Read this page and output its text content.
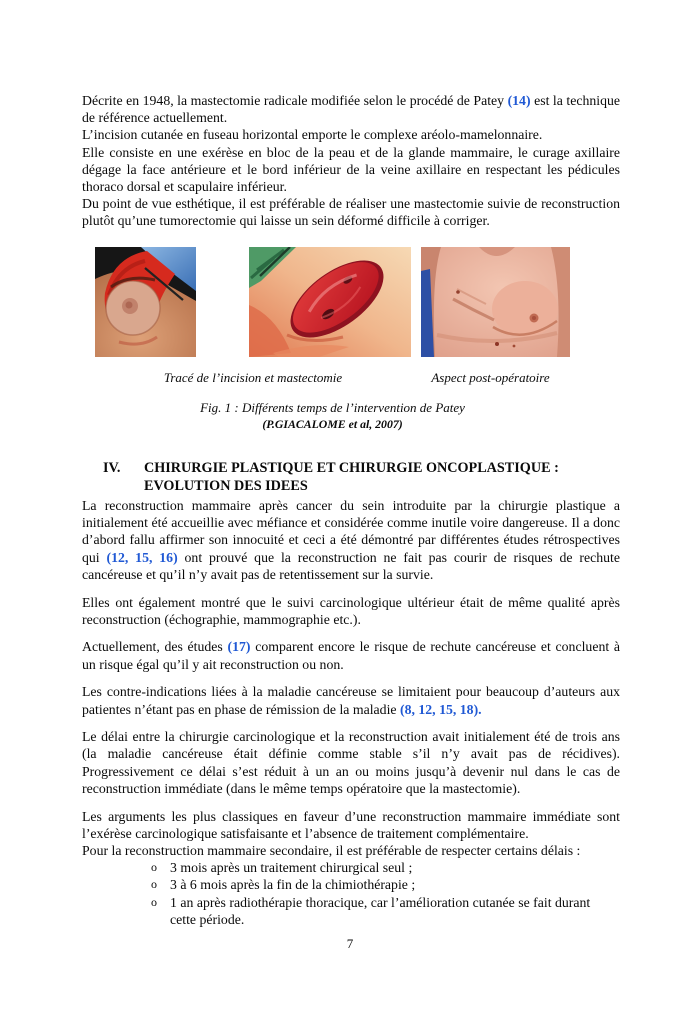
Décrite en 1948, la mastectomie radicale modifiée selon le procédé de Patey (14) est la technique de référence actuellement.

L’incision cutanée en fuseau horizontal emporte le complexe aréolo-mamelonnaire.

Elle consiste en une exérèse en bloc de la peau et de la glande mammaire, le curage axillaire dégage la face antérieure et le bord inférieur de la veine axillaire en respectant les pédicules thoraco dorsal et scapulaire inférieur.

Du point de vue esthétique, il est préférable de réaliser une mastectomie suivie de reconstruction plutôt qu’une tumorectomie qui laisse un sein déformé difficile à corriger.

Tracé de l’incision et mastectomie	Aspect post-opératoire
Fig. 1 : Différents temps de l’intervention de Patey
(P.GIACALOME et al, 2007)
IV.	CHIRURGIE PLASTIQUE ET CHIRURGIE ONCOPLASTIQUE :
EVOLUTION DES IDEES

La reconstruction mammaire après cancer du sein introduite par la chirurgie plastique a initialement été accueillie avec méfiance et considérée comme inutile voire dangereuse. Il a donc d’abord fallu affirmer son innocuité et ceci a été démontré par différentes études rétrospectives qui (12, 15, 16) ont prouvé que la reconstruction ne fait pas courir de risques de rechute cancéreuse et qu’il n’y avait pas de retentissement sur la survie.

Elles ont également montré que le suivi carcinologique ultérieur était de même qualité après reconstruction (échographie, mammographie etc.).

Actuellement, des études (17) comparent encore le risque de rechute cancéreuse et concluent à un risque égal qu’il y ait reconstruction ou non.

Les contre-indications liées à la maladie cancéreuse se limitaient pour beaucoup d’auteurs aux patientes n’étant pas en phase de rémission de la maladie (8, 12, 15, 18).

Le délai entre la chirurgie carcinologique et la reconstruction avait initialement été de trois ans (la maladie cancéreuse était définie comme stable s’il n’y avait pas de récidives). Progressivement ce délai s’est réduit à un an ou moins jusqu’à devenir nul dans le cas de reconstruction immédiate (dans le même temps opératoire que la mastectomie).

Les arguments les plus classiques en faveur d’une reconstruction mammaire immédiate sont l’exérèse carcinologique satisfaisante et l’absence de traitement complémentaire.

Pour la reconstruction mammaire secondaire, il est préférable de respecter certains délais :

o 3 mois après un traitement chirurgical seul ;
o 3 à 6 mois après la fin de la chimiothérapie ;
o 1 an après radiothérapie thoracique, car l’amélioration cutanée se fait durant cette période.
7
